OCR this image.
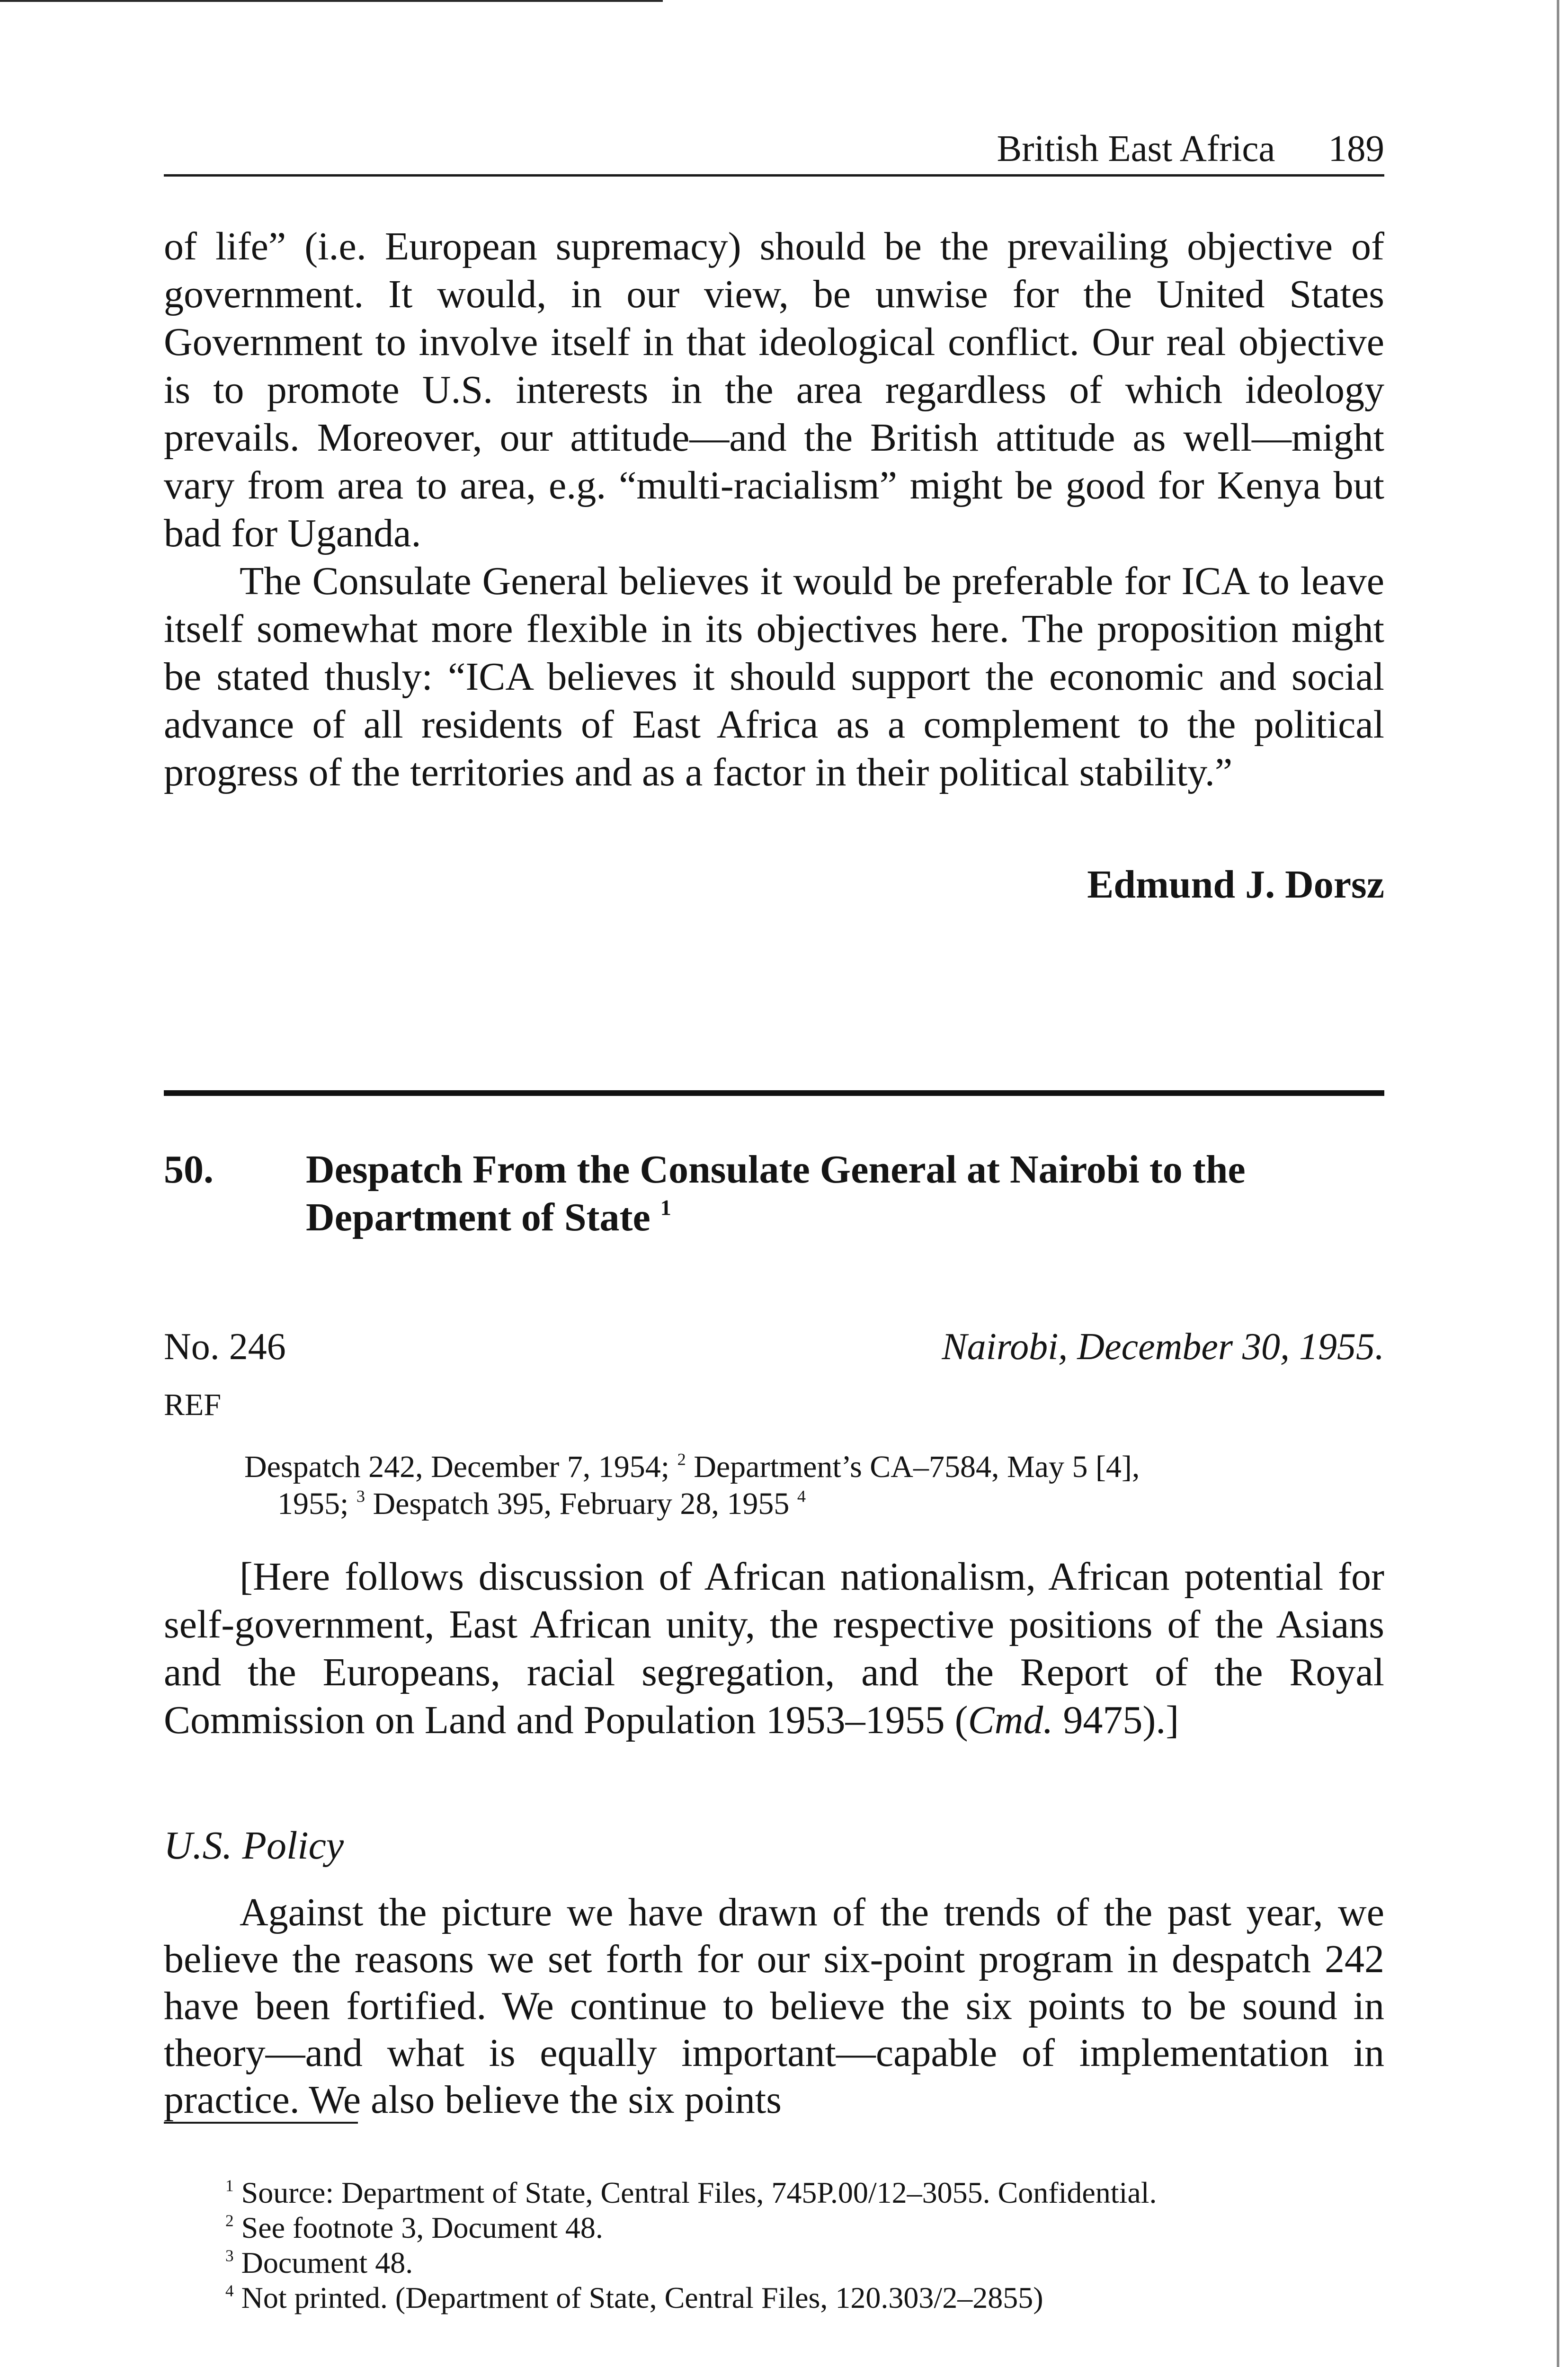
British East Africa 189

of life” (i.e. European supremacy) should be the prevailing objective of government. It would, in our view, be unwise for the United States Government to involve itself in that ideological conflict. Our real objective is to promote U.S. interests in the area regardless of which ideology prevails. Moreover, our attitude—and the British attitude as well—might vary from area to area, e.g. “multi-racialism” might be good for Kenya but bad for Uganda.

The Consulate General believes it would be preferable for ICA to leave itself somewhat more flexible in its objectives here. The proposition might be stated thusly: “ICA believes it should support the economic and social advance of all residents of East Africa as a complement to the political progress of the territories and as a factor in their political stability.”

Edmund J. Dorsz
50. Despatch From the Consulate General at Nairobi to the Department of State $^1$
No. 246	Nairobi, December 30, 1955.
REF
Despatch 242, December 7, 1954; $^2$ Department’s CA–7584, May 5 [4],
1955; $^3$ Despatch 395, February 28, 1955 $^4$

[Here follows discussion of African nationalism, African potential for self-government, East African unity, the respective positions of the Asians and the Europeans, racial segregation, and the Report of the Royal Commission on Land and Population 1953–1955 (Cmd. 9475).]

U.S. Policy

Against the picture we have drawn of the trends of the past year, we believe the reasons we set forth for our six-point program in despatch 242 have been fortified. We continue to believe the six points to be sound in theory—and what is equally important—capable of implementation in practice. We also believe the six points

$^1$ Source: Department of State, Central Files, 745P.00/12–3055. Confidential.
$^2$ See footnote 3, Document 48.
$^3$ Document 48.
$^4$ Not printed. (Department of State, Central Files, 120.303/2–2855)
